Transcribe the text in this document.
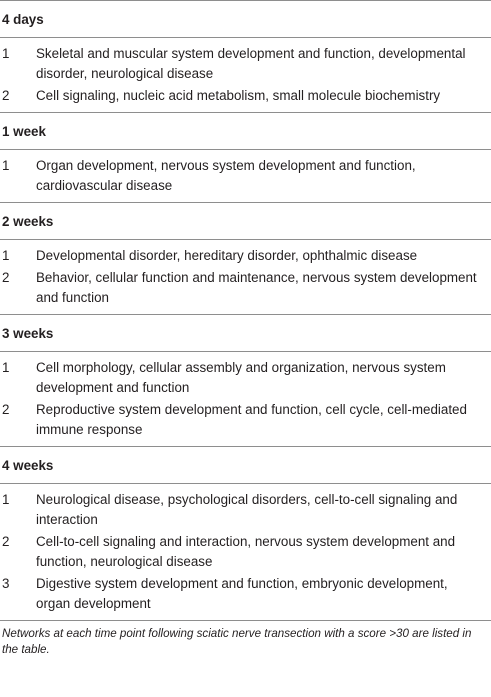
4 days
1	Skeletal and muscular system development and function, developmental disorder, neurological disease
2	Cell signaling, nucleic acid metabolism, small molecule biochemistry
1 week
1	Organ development, nervous system development and function, cardiovascular disease
2 weeks
1	Developmental disorder, hereditary disorder, ophthalmic disease
2	Behavior, cellular function and maintenance, nervous system development and function
3 weeks
1	Cell morphology, cellular assembly and organization, nervous system development and function
2	Reproductive system development and function, cell cycle, cell-mediated immune response
4 weeks
1	Neurological disease, psychological disorders, cell-to-cell signaling and interaction
2	Cell-to-cell signaling and interaction, nervous system development and function, neurological disease
3	Digestive system development and function, embryonic development, organ development
Networks at each time point following sciatic nerve transection with a score >30 are listed in the table.
